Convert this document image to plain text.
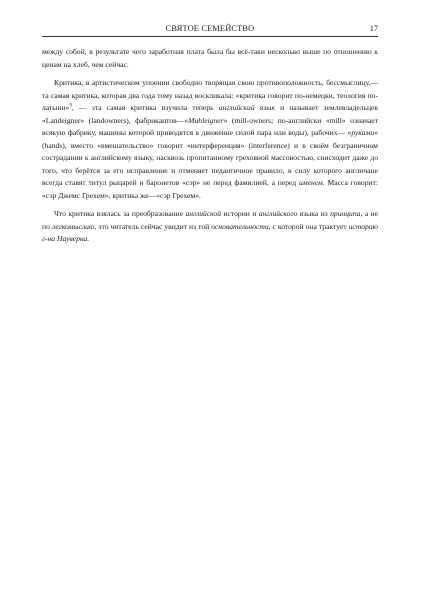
СВЯТОЕ СЕМЕЙСТВО	17

между собой, в результате чего заработная плата была бы всё-таки несколько выше по отношению к ценам на хлеб, чем сейчас.

Критика, в артистическом упоении свободно творящая свою противоположность, бессмыслицу,—та самая критика, которая два года тому назад воскликала: «критика говорит по-немецки, теология по-латыни»$^9$, — эта самая критика изучила теперь английский язык и называет землевладельцев «Landeigner» (landowners), фабрикантов—«Muhleigner» (mill-owners; по-английски «mill» означает всякую фабрику, машины которой приводятся в движение силой пара или воды), рабочих— «руками» (hands), вместо «вмешательство» говорит «интерференция» (interference) и в своём безграничном сострадании к английскому языку, насквозь пропитанному греховной массовостью, снисходит даже до того, что берётся за его исправление и отменяет педантичное правило, в силу которого англичане всегда ставят титул рыцарей и баронетов «сэр» не перед фамилией, а перед именем. Масса говорит: «сэр Джемс Грехем», критика же—«сэр Грехем».

Что критика взялась за преобразование английской истории и английского языка из принципа, а не по легкомыслию, это читатель сейчас увидит из той основательности, с которой она трактует историю г-на Науверка.
